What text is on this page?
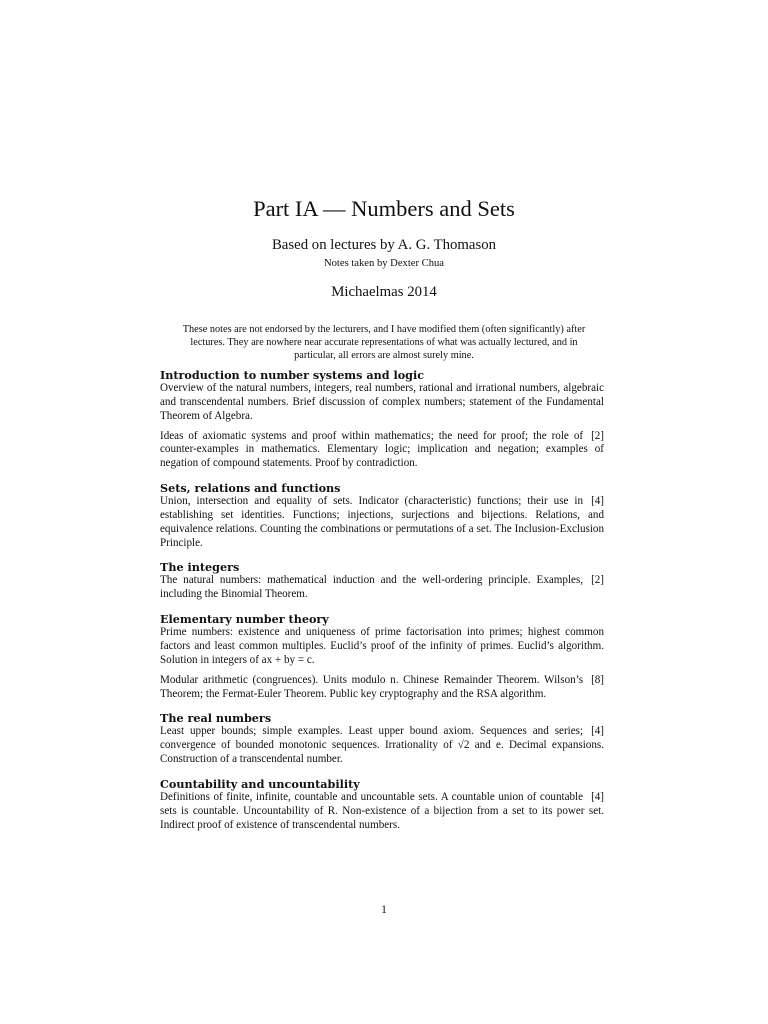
Part IA — Numbers and Sets
Based on lectures by A. G. Thomason
Notes taken by Dexter Chua
Michaelmas 2014
These notes are not endorsed by the lecturers, and I have modified them (often significantly) after lectures. They are nowhere near accurate representations of what was actually lectured, and in particular, all errors are almost surely mine.
Introduction to number systems and logic

Overview of the natural numbers, integers, real numbers, rational and irrational numbers, algebraic and transcendental numbers. Brief discussion of complex numbers; statement of the Fundamental Theorem of Algebra.

[2]
Ideas of axiomatic systems and proof within mathematics; the need for proof; the role of counter-examples in mathematics. Elementary logic; implication and negation; examples of negation of compound statements. Proof by contradiction.

Sets, relations and functions

[4]
Union, intersection and equality of sets. Indicator (characteristic) functions; their use in establishing set identities. Functions; injections, surjections and bijections. Relations, and equivalence relations. Counting the combinations or permutations of a set. The Inclusion-Exclusion Principle.

The integers

[2]
The natural numbers: mathematical induction and the well-ordering principle. Examples, including the Binomial Theorem.

Elementary number theory

Prime numbers: existence and uniqueness of prime factorisation into primes; highest common factors and least common multiples. Euclid’s proof of the infinity of primes. Euclid’s algorithm. Solution in integers of ax + by = c.

[8]
Modular arithmetic (congruences). Units modulo n. Chinese Remainder Theorem. Wilson’s Theorem; the Fermat-Euler Theorem. Public key cryptography and the RSA algorithm.

The real numbers

[4]
Least upper bounds; simple examples. Least upper bound axiom. Sequences and series; convergence of bounded monotonic sequences. Irrationality of √2 and e. Decimal expansions. Construction of a transcendental number.

Countability and uncountability

[4]
Definitions of finite, infinite, countable and uncountable sets. A countable union of countable sets is countable. Uncountability of R. Non-existence of a bijection from a set to its power set. Indirect proof of existence of transcendental numbers.

1
